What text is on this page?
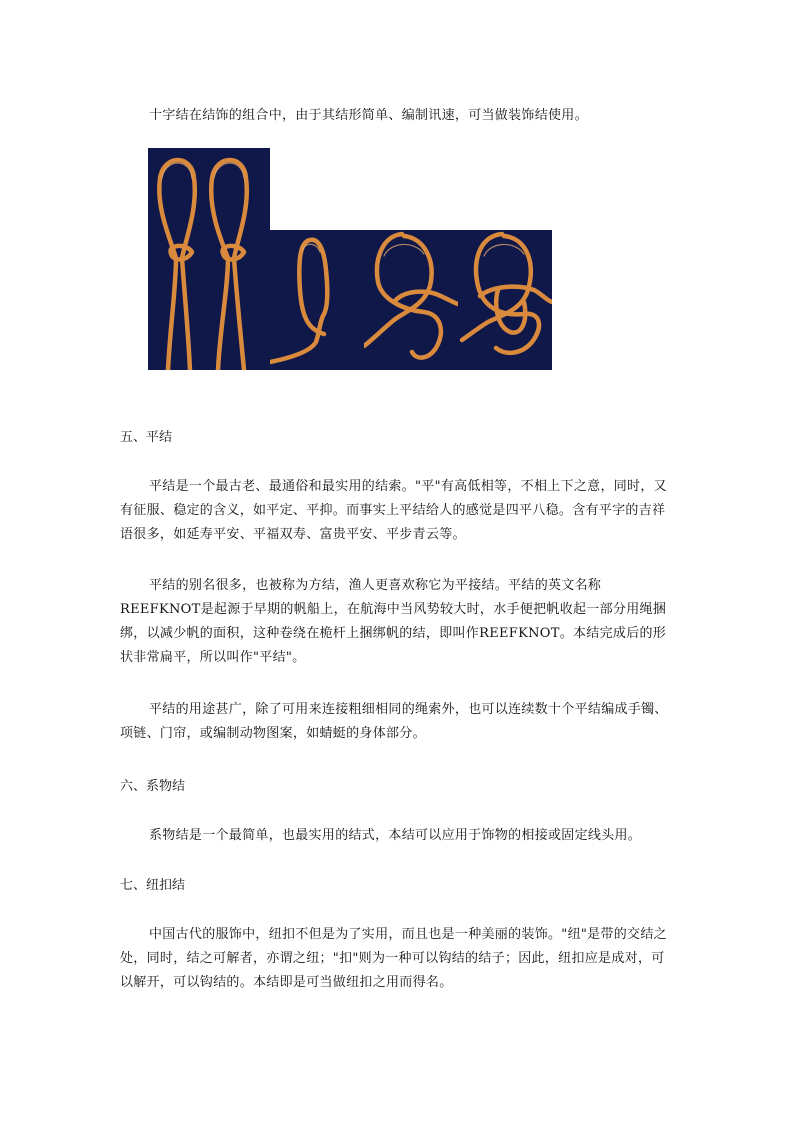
十字结在结饰的组合中，由于其结形简单、编制讯速，可当做装饰结使用。

五、平结

平结是一个最古老、最通俗和最实用的结索。"平"有高低相等，不相上下之意，同时，又有征服、稳定的含义，如平定、平抑。而事实上平结给人的感觉是四平八稳。含有平字的吉祥语很多，如延寿平安、平福双寿、富贵平安、平步青云等。

平结的别名很多，也被称为方结，渔人更喜欢称它为平接结。平结的英文名称REEFKNOT是起源于早期的帆船上，在航海中当风势较大时，水手便把帆收起一部分用绳捆绑，以减少帆的面积，这种卷绕在桅杆上捆绑帆的结，即叫作REEFKNOT。本结完成后的形状非常扁平，所以叫作"平结"。

平结的用途甚广，除了可用来连接粗细相同的绳索外，也可以连续数十个平结编成手镯、项链、门帘，或编制动物图案，如蜻蜓的身体部分。

六、系物结

系物结是一个最简单，也最实用的结式，本结可以应用于饰物的相接或固定线头用。

七、纽扣结

中国古代的服饰中，纽扣不但是为了实用，而且也是一种美丽的装饰。"纽"是带的交结之处，同时，结之可解者，亦谓之纽；"扣"则为一种可以钩结的结子；因此，纽扣应是成对，可以解开，可以钩结的。本结即是可当做纽扣之用而得名。
